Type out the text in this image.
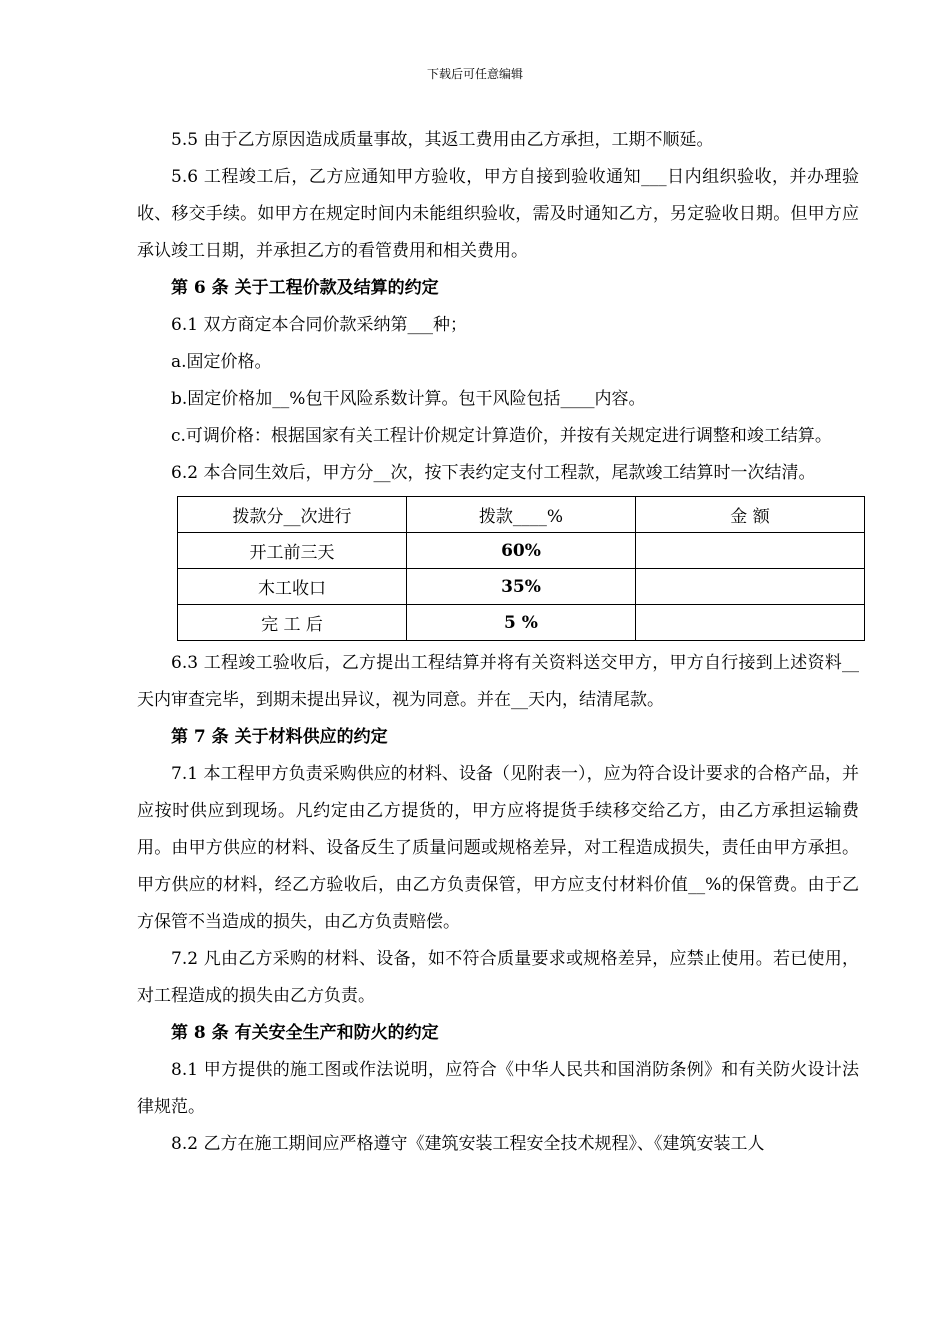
下载后可任意编辑

5.5 由于乙方原因造成质量事故，其返工费用由乙方承担，工期不顺延。

5.6 工程竣工后，乙方应通知甲方验收，甲方自接到验收通知___日内组织验收，并办理验收、移交手续。如甲方在规定时间内未能组织验收，需及时通知乙方，另定验收日期。但甲方应承认竣工日期，并承担乙方的看管费用和相关费用。

第 6 条 关于工程价款及结算的约定

6.1 双方商定本合同价款采纳第___种；

a.固定价格。

b.固定价格加__%包干风险系数计算。包干风险包括____内容。

c.可调价格：根据国家有关工程计价规定计算造价，并按有关规定进行调整和竣工结算。

6.2 本合同生效后，甲方分__次，按下表约定支付工程款，尾款竣工结算时一次结清。

拨款分__次进行	拨款____%	金 额
开工前三天	60%	
木工收口	35%	
完 工 后	5 %	

6.3 工程竣工验收后，乙方提出工程结算并将有关资料送交甲方，甲方自行接到上述资料__天内审查完毕，到期未提出异议，视为同意。并在__天内，结清尾款。

第 7 条 关于材料供应的约定

7.1 本工程甲方负责采购供应的材料、设备（见附表一），应为符合设计要求的合格产品，并应按时供应到现场。凡约定由乙方提货的，甲方应将提货手续移交给乙方，由乙方承担运输费用。由甲方供应的材料、设备反生了质量问题或规格差异，对工程造成损失，责任由甲方承担。甲方供应的材料，经乙方验收后，由乙方负责保管，甲方应支付材料价值__%的保管费。由于乙方保管不当造成的损失，由乙方负责赔偿。

7.2 凡由乙方采购的材料、设备，如不符合质量要求或规格差异，应禁止使用。若已使用，对工程造成的损失由乙方负责。

第 8 条 有关安全生产和防火的约定

8.1 甲方提供的施工图或作法说明，应符合《中华人民共和国消防条例》和有关防火设计法律规范。

8.2 乙方在施工期间应严格遵守《建筑安装工程安全技术规程》、《建筑安装工人
